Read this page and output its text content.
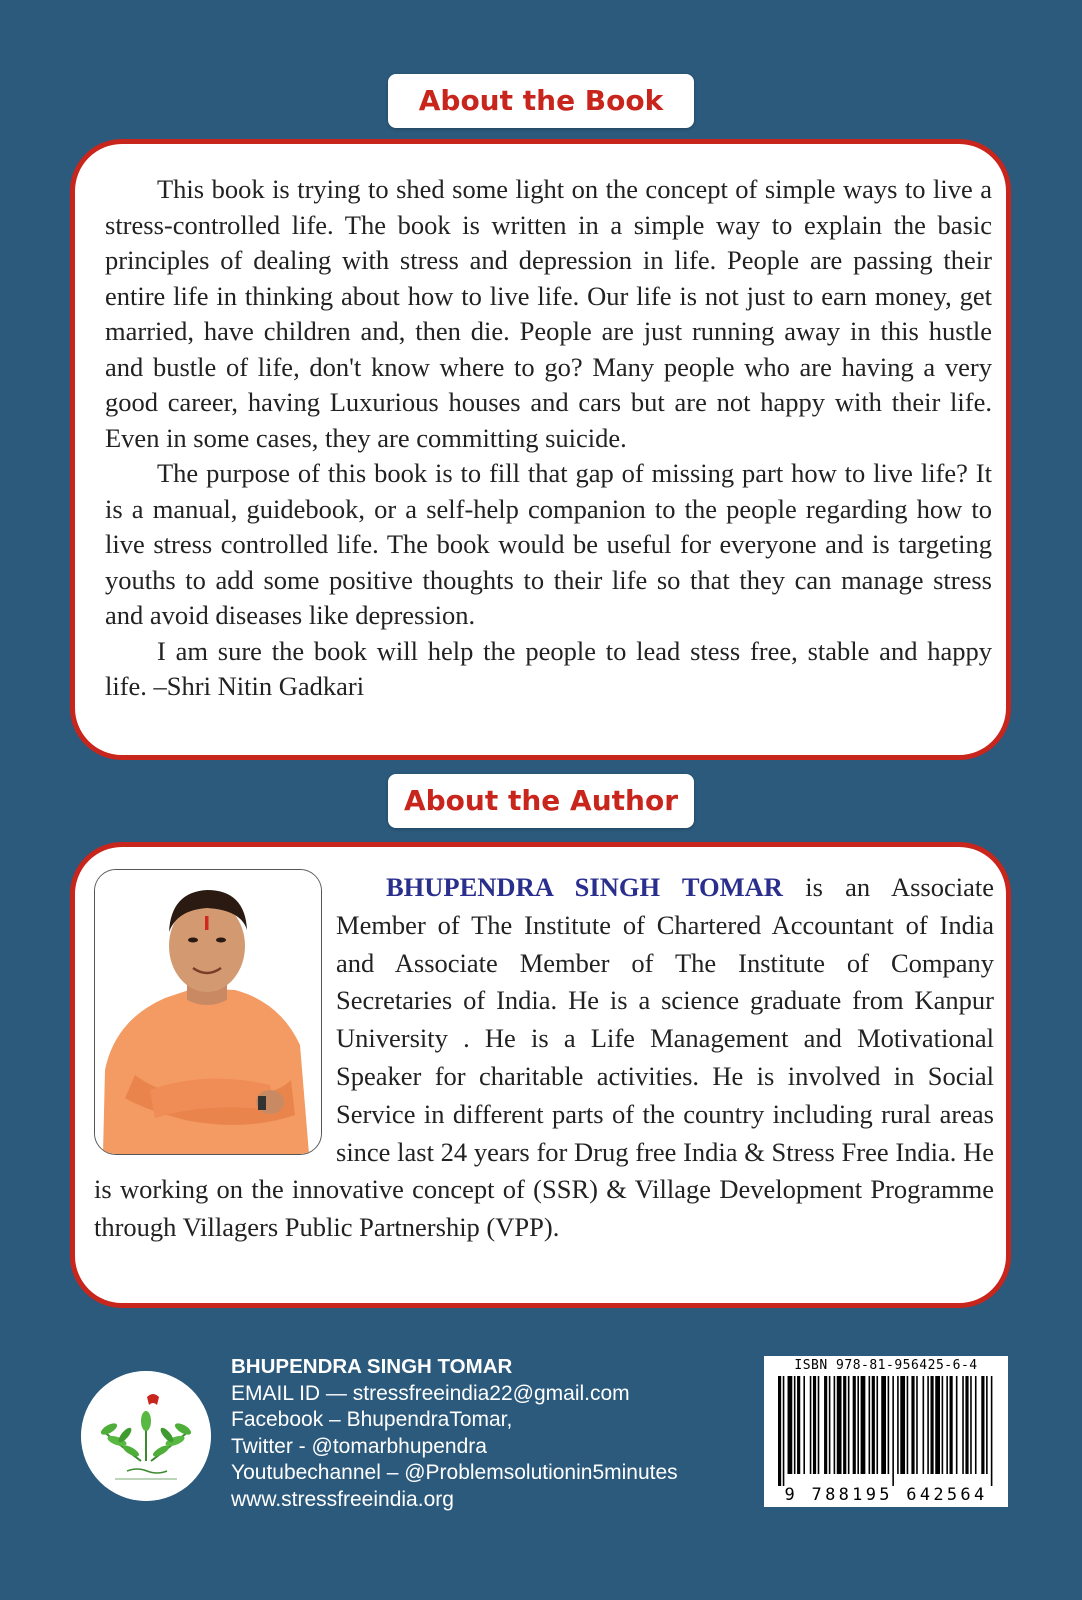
About the Book

This book is trying to shed some light on the concept of simple ways to live a stress-controlled life. The book is written in a simple way to explain the basic principles of dealing with stress and depression in life. People are passing their entire life in thinking about how to live life. Our life is not just to earn money, get married, have children and, then die. People are just running away in this hustle and bustle of life, don't know where to go? Many people who are having a very good career, having Luxurious houses and cars but are not happy with their life. Even in some cases, they are committing suicide.

The purpose of this book is to fill that gap of missing part how to live life? It is a manual, guidebook, or a self-help companion to the people regarding how to live stress controlled life. The book would be useful for everyone and is targeting youths to add some positive thoughts to their life so that they can manage stress and avoid diseases like depression.

I am sure the book will help the people to lead stess free, stable and happy life. –Shri Nitin Gadkari

About the Author

BHUPENDRA SINGH TOMAR is an Associate Member of The Institute of Chartered Accountant of India and Associate Member of The Institute of Company Secretaries of India. He is a science graduate from Kanpur University . He is a Life Management and Motivational Speaker for charitable activities. He is involved in Social Service in different parts of the country including rural areas since last 24 years for Drug free India & Stress Free India. He is working on the innovative concept of (SSR) & Village Development Programme through Villagers Public Partnership (VPP).

BHUPENDRA SINGH TOMAR
EMAIL ID — stressfreeindia22@gmail.com
Facebook – BhupendraTomar,
Twitter - @tomarbhupendra
Youtubechannel – @Problemsolutionin5minutes
www.stressfreeindia.org
ISBN 978-81-956425-6-4
9 788195 642564
